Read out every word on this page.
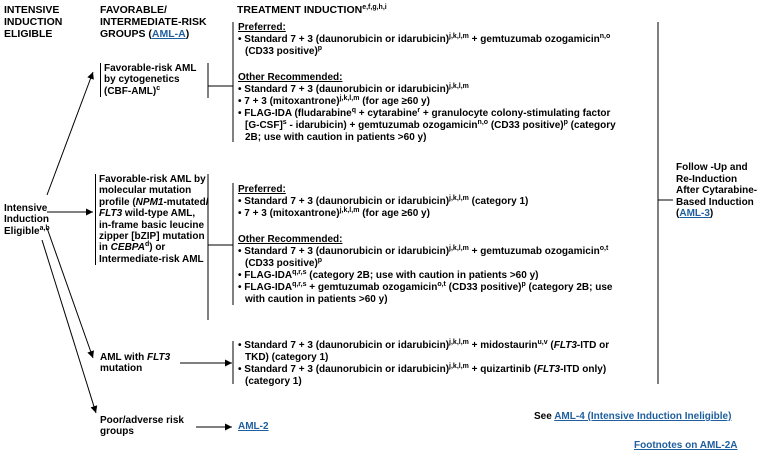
INTENSIVE INDUCTION ELIGIBLE
FAVORABLE/ INTERMEDIATE-RISK GROUPS (AML-A)
TREATMENT INDUCTION$^{e,f,g,h,i}$
Intensive Induction Eligible$^{a,b}$
Favorable-risk AML by cytogenetics $(CBF-AML)^c$
Favorable-risk AML by molecular mutation profile (NPM1-mutated/ FLT3 wild-type AML, in-frame basic leucine zipper [bZIP] mutation in CEBPA$^d$) or Intermediate-risk AML
AML with FLT3 mutation
Poor/adverse risk groups	AML-2
Preferred:
• Standard 7 + 3 (daunorubicin or idarubicin)$^{j,k,l,m}$ + gemtuzumab ozogamicin$^{n,o}$
(CD33 positive)$^p$
Other Recommended:
• Standard 7 + 3 (daunorubicin or idarubicin)$^{j,k,l,m}$
• 7 + 3 (mitoxantrone)$^{j,k,l,m}$ (for age ≥60 y)
• FLAG-IDA (fludarabine$^q$ + cytarabine$^r$ + granulocyte colony-stimulating factor
$[G-CSF]^s$ - idarubicin) + gemtuzumab ozogamicin$^{n,o}$ (CD33 positive)$^p$ (category
2B; use with caution in patients >60 y)
Preferred:
• Standard 7 + 3 (daunorubicin or idarubicin)$^{j,k,l,m}$ (category 1)
• 7 + 3 (mitoxantrone)$^{j,k,l,m}$ (for age ≥60 y)
Other Recommended:
• Standard 7 + 3 (daunorubicin or idarubicin)$^{j,k,l,m}$ + gemtuzumab ozogamicin$^{o,t}$
(CD33 positive)$^p$
• FLAG-IDA$^{q,r,s}$ (category 2B; use with caution in patients >60 y)
• FLAG-IDA$^{q,r,s}$ + gemtuzumab ozogamicin$^{o,t}$ (CD33 positive)$^p$ (category 2B; use
with caution in patients >60 y)
• Standard 7 + 3 (daunorubicin or idarubicin)$^{j,k,l,m}$ + midostaurin$^{u,v}$ (FLT3-ITD or
TKD) (category 1)
• Standard 7 + 3 (daunorubicin or idarubicin)$^{j,k,l,m}$ + quizartinib (FLT3-ITD only)
(category 1)
Follow -Up and Re-Induction After Cytarabine-Based Induction (AML-3)
See AML-4 (Intensive Induction Ineligible)
Footnotes on AML-2A
